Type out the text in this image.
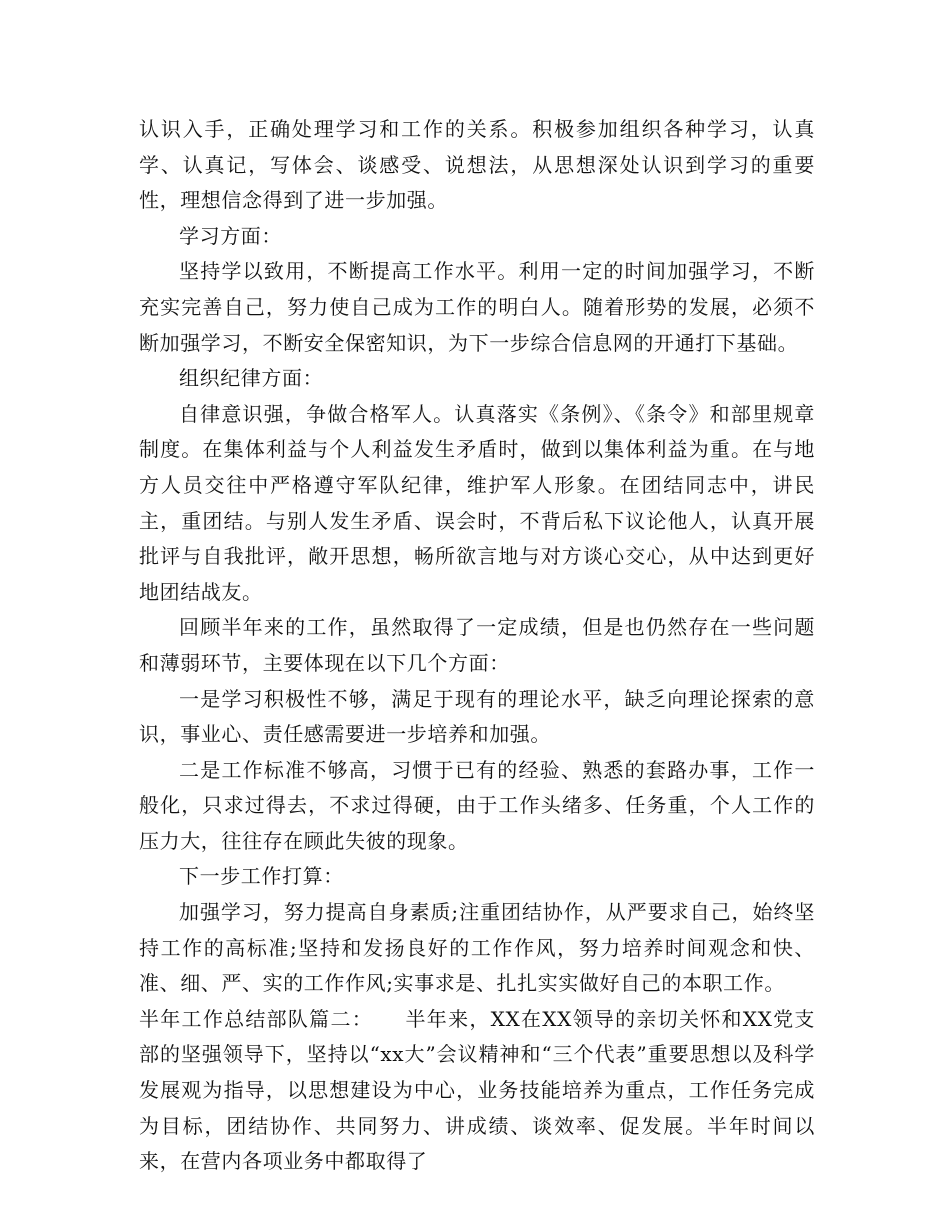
认识入手，正确处理学习和工作的关系。积极参加组织各种学习，认真学、认真记，写体会、谈感受、说想法，从思想深处认识到学习的重要性，理想信念得到了进一步加强。

学习方面：

坚持学以致用，不断提高工作水平。利用一定的时间加强学习，不断充实完善自己，努力使自己成为工作的明白人。随着形势的发展，必须不断加强学习，不断安全保密知识，为下一步综合信息网的开通打下基础。

组织纪律方面：

自律意识强，争做合格军人。认真落实《条例》、《条令》和部里规章制度。在集体利益与个人利益发生矛盾时，做到以集体利益为重。在与地方人员交往中严格遵守军队纪律，维护军人形象。在团结同志中，讲民主，重团结。与别人发生矛盾、误会时，不背后私下议论他人，认真开展批评与自我批评，敞开思想，畅所欲言地与对方谈心交心，从中达到更好地团结战友。

回顾半年来的工作，虽然取得了一定成绩，但是也仍然存在一些问题和薄弱环节，主要体现在以下几个方面：

一是学习积极性不够，满足于现有的理论水平，缺乏向理论探索的意识，事业心、责任感需要进一步培养和加强。

二是工作标准不够高，习惯于已有的经验、熟悉的套路办事，工作一般化，只求过得去，不求过得硬，由于工作头绪多、任务重，个人工作的压力大，往往存在顾此失彼的现象。

下一步工作打算：

加强学习，努力提高自身素质;注重团结协作，从严要求自己，始终坚持工作的高标准;坚持和发扬良好的工作作风，努力培养时间观念和快、准、细、严、实的工作作风;实事求是、扎扎实实做好自己的本职工作。

半年工作总结部队篇二：　　半年来，XX在XX领导的亲切关怀和XX党支部的坚强领导下，坚持以“xx大”会议精神和“三个代表”重要思想以及科学发展观为指导，以思想建设为中心，业务技能培养为重点，工作任务完成为目标，团结协作、共同努力、讲成绩、谈效率、促发展。半年时间以来，在营内各项业务中都取得了
